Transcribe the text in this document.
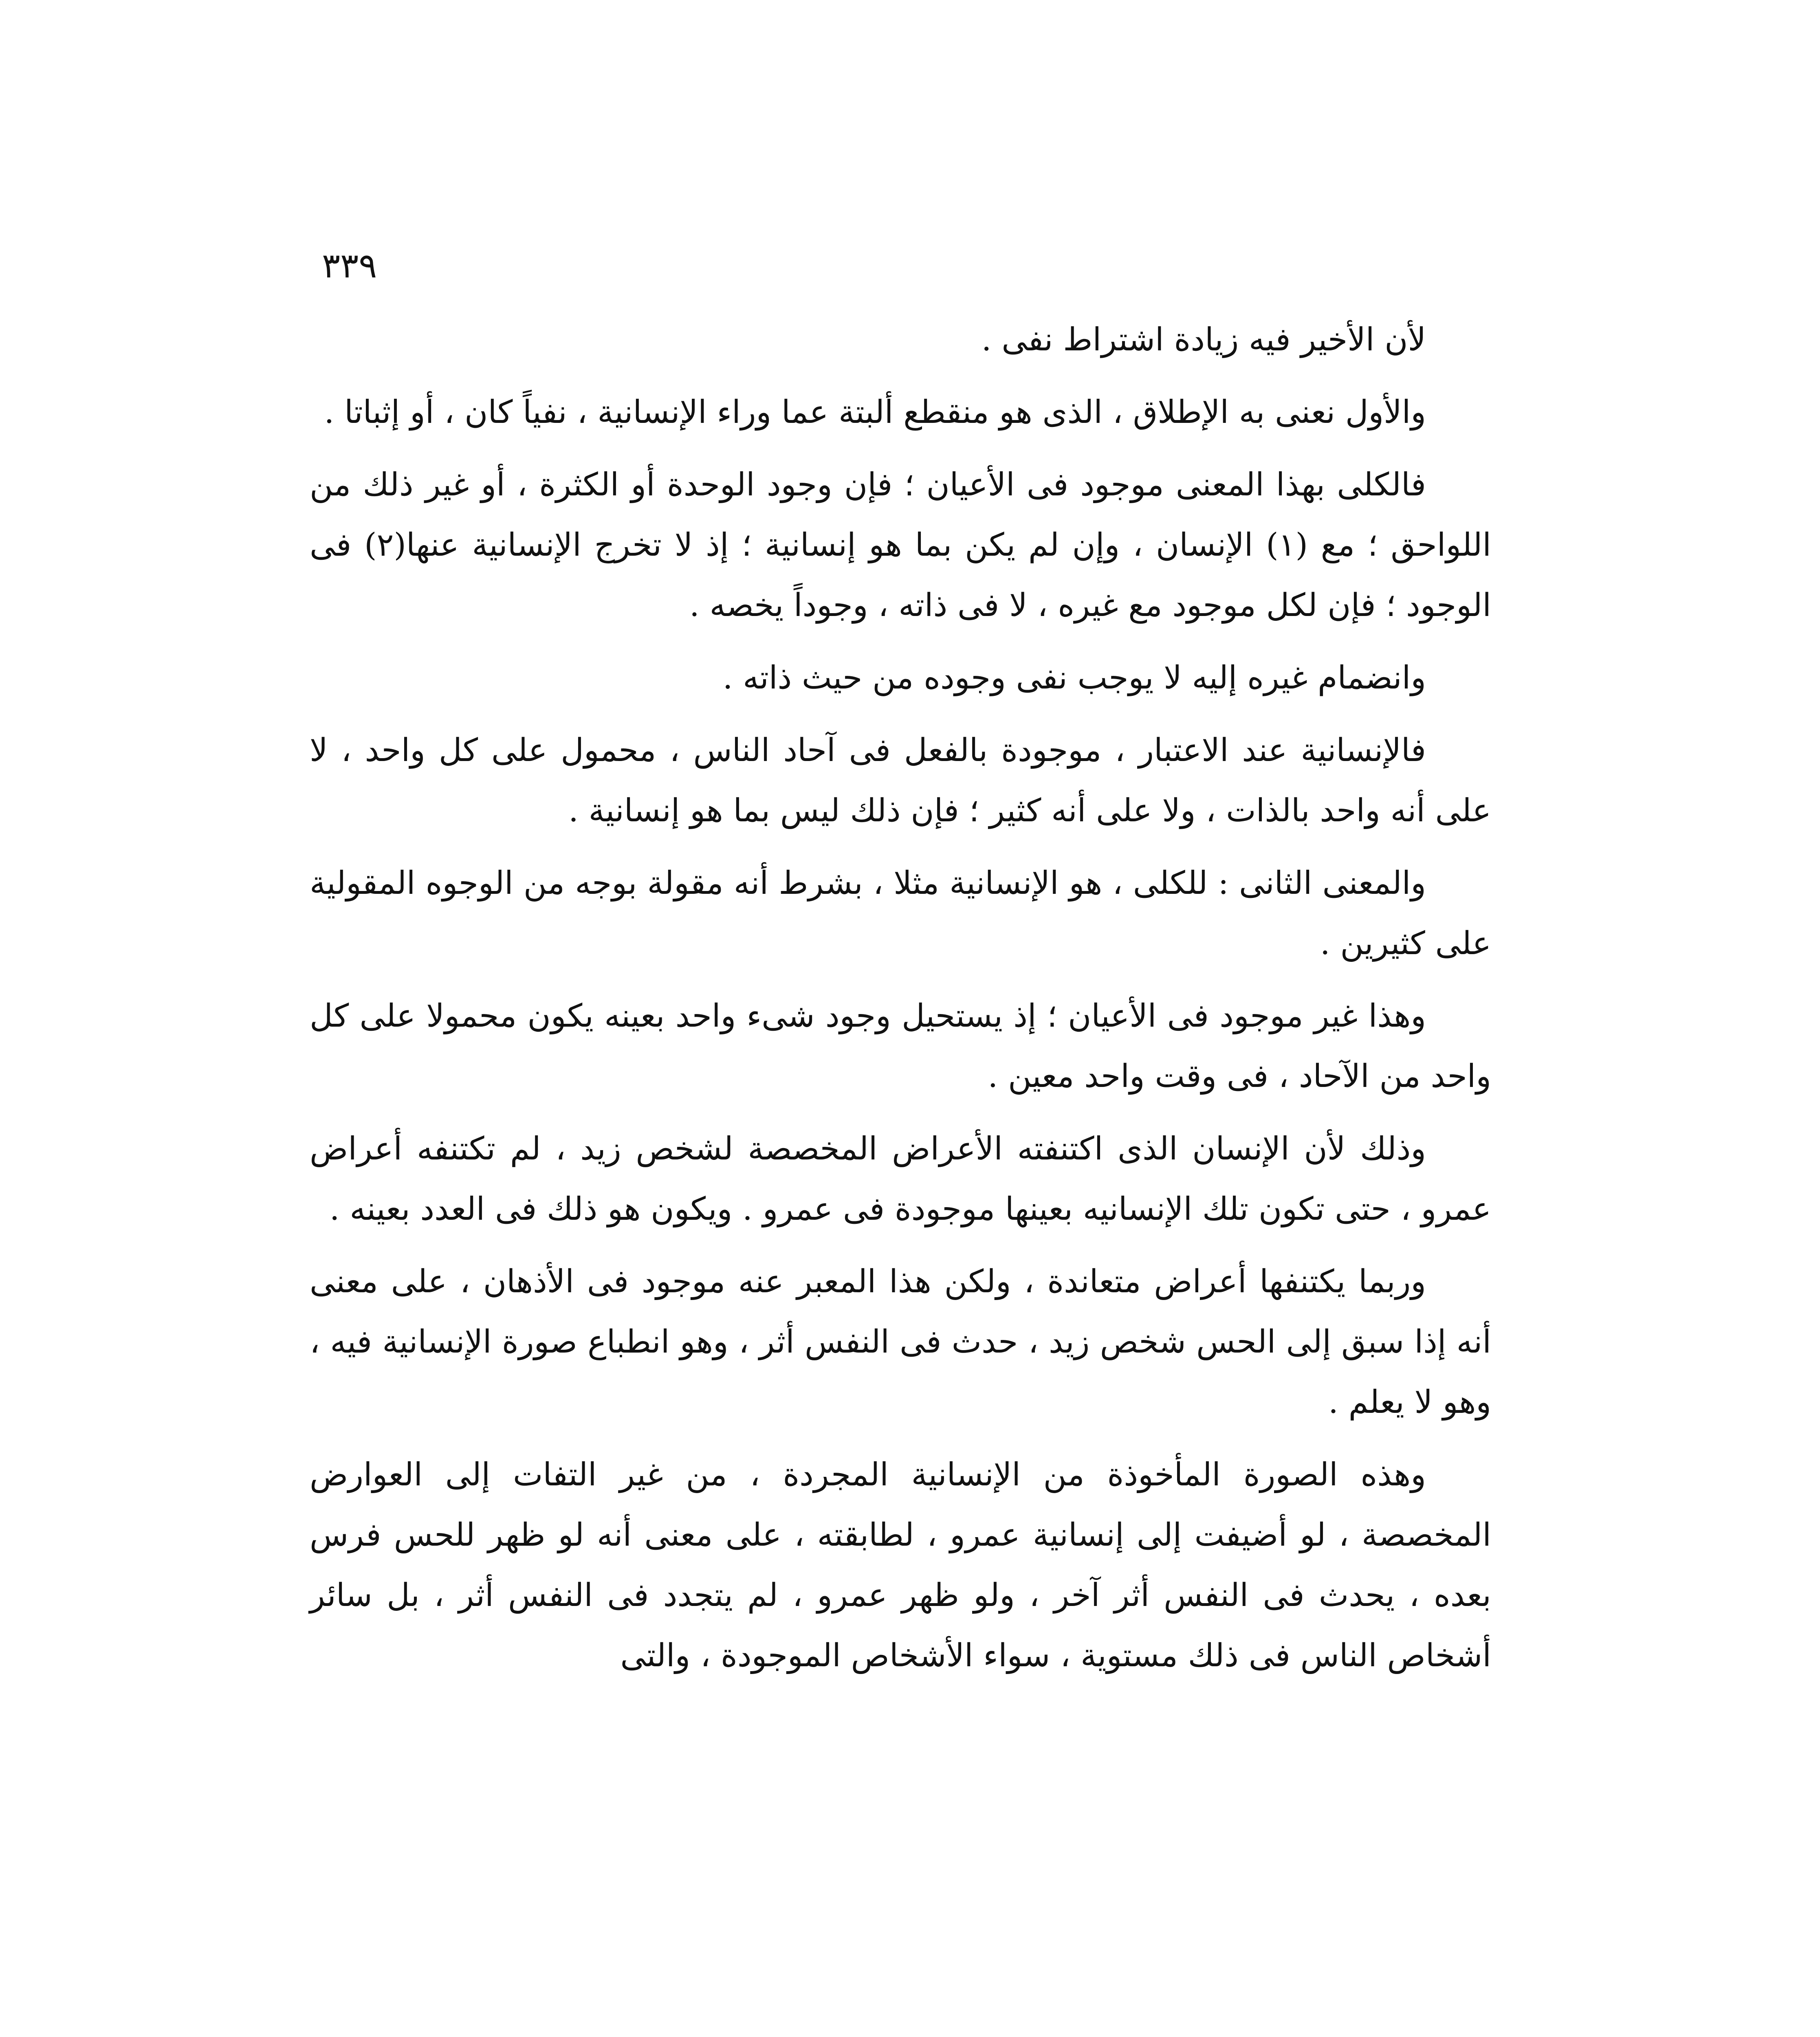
٣٣٩

لأن الأخير فيه زيادة اشتراط نفى .

والأول نعنى به الإطلاق ، الذى هو منقطع ألبتة عما وراء الإنسانية ، نفياً كان ، أو إثباتا .

فالكلى بهذا المعنى موجود فى الأعيان ؛ فإن وجود الوحدة أو الكثرة ، أو غير ذلك من اللواحق ؛ مع (١) الإنسان ، وإن لم يكن بما هو إنسانية ؛ إذ لا تخرج الإنسانية عنها(٢) فى الوجود ؛ فإن لكل موجود مع غيره ، لا فى ذاته ، وجوداً يخصه .

وانضمام غيره إليه لا يوجب نفى وجوده من حيث ذاته .

فالإنسانية عند الاعتبار ، موجودة بالفعل فى آحاد الناس ، محمول على كل واحد ، لا على أنه واحد بالذات ، ولا على أنه كثير ؛ فإن ذلك ليس بما هو إنسانية .

والمعنى الثانى : للكلى ، هو الإنسانية مثلا ، بشرط أنه مقولة بوجه من الوجوه المقولية على كثيرين .

وهذا غير موجود فى الأعيان ؛ إذ يستحيل وجود شىء واحد بعينه يكون محمولا على كل واحد من الآحاد ، فى وقت واحد معين .

وذلك لأن الإنسان الذى اكتنفته الأعراض المخصصة لشخص زيد ، لم تكتنفه أعراض عمرو ، حتى تكون تلك الإنسانيه بعينها موجودة فى عمرو . ويكون هو ذلك فى العدد بعينه .

وربما يكتنفها أعراض متعاندة ، ولكن هذا المعبر عنه موجود فى الأذهان ، على معنى أنه إذا سبق إلى الحس شخص زيد ، حدث فى النفس أثر ، وهو انطباع صورة الإنسانية فيه ، وهو لا يعلم .

وهذه الصورة المأخوذة من الإنسانية المجردة ، من غير التفات إلى العوارض المخصصة ، لو أضيفت إلى إنسانية عمرو ، لطابقته ، على معنى أنه لو ظهر للحس فرس بعده ، يحدث فى النفس أثر آخر ، ولو ظهر عمرو ، لم يتجدد فى النفس أثر ، بل سائر أشخاص الناس فى ذلك مستوية ، سواء الأشخاص الموجودة ، والتى
